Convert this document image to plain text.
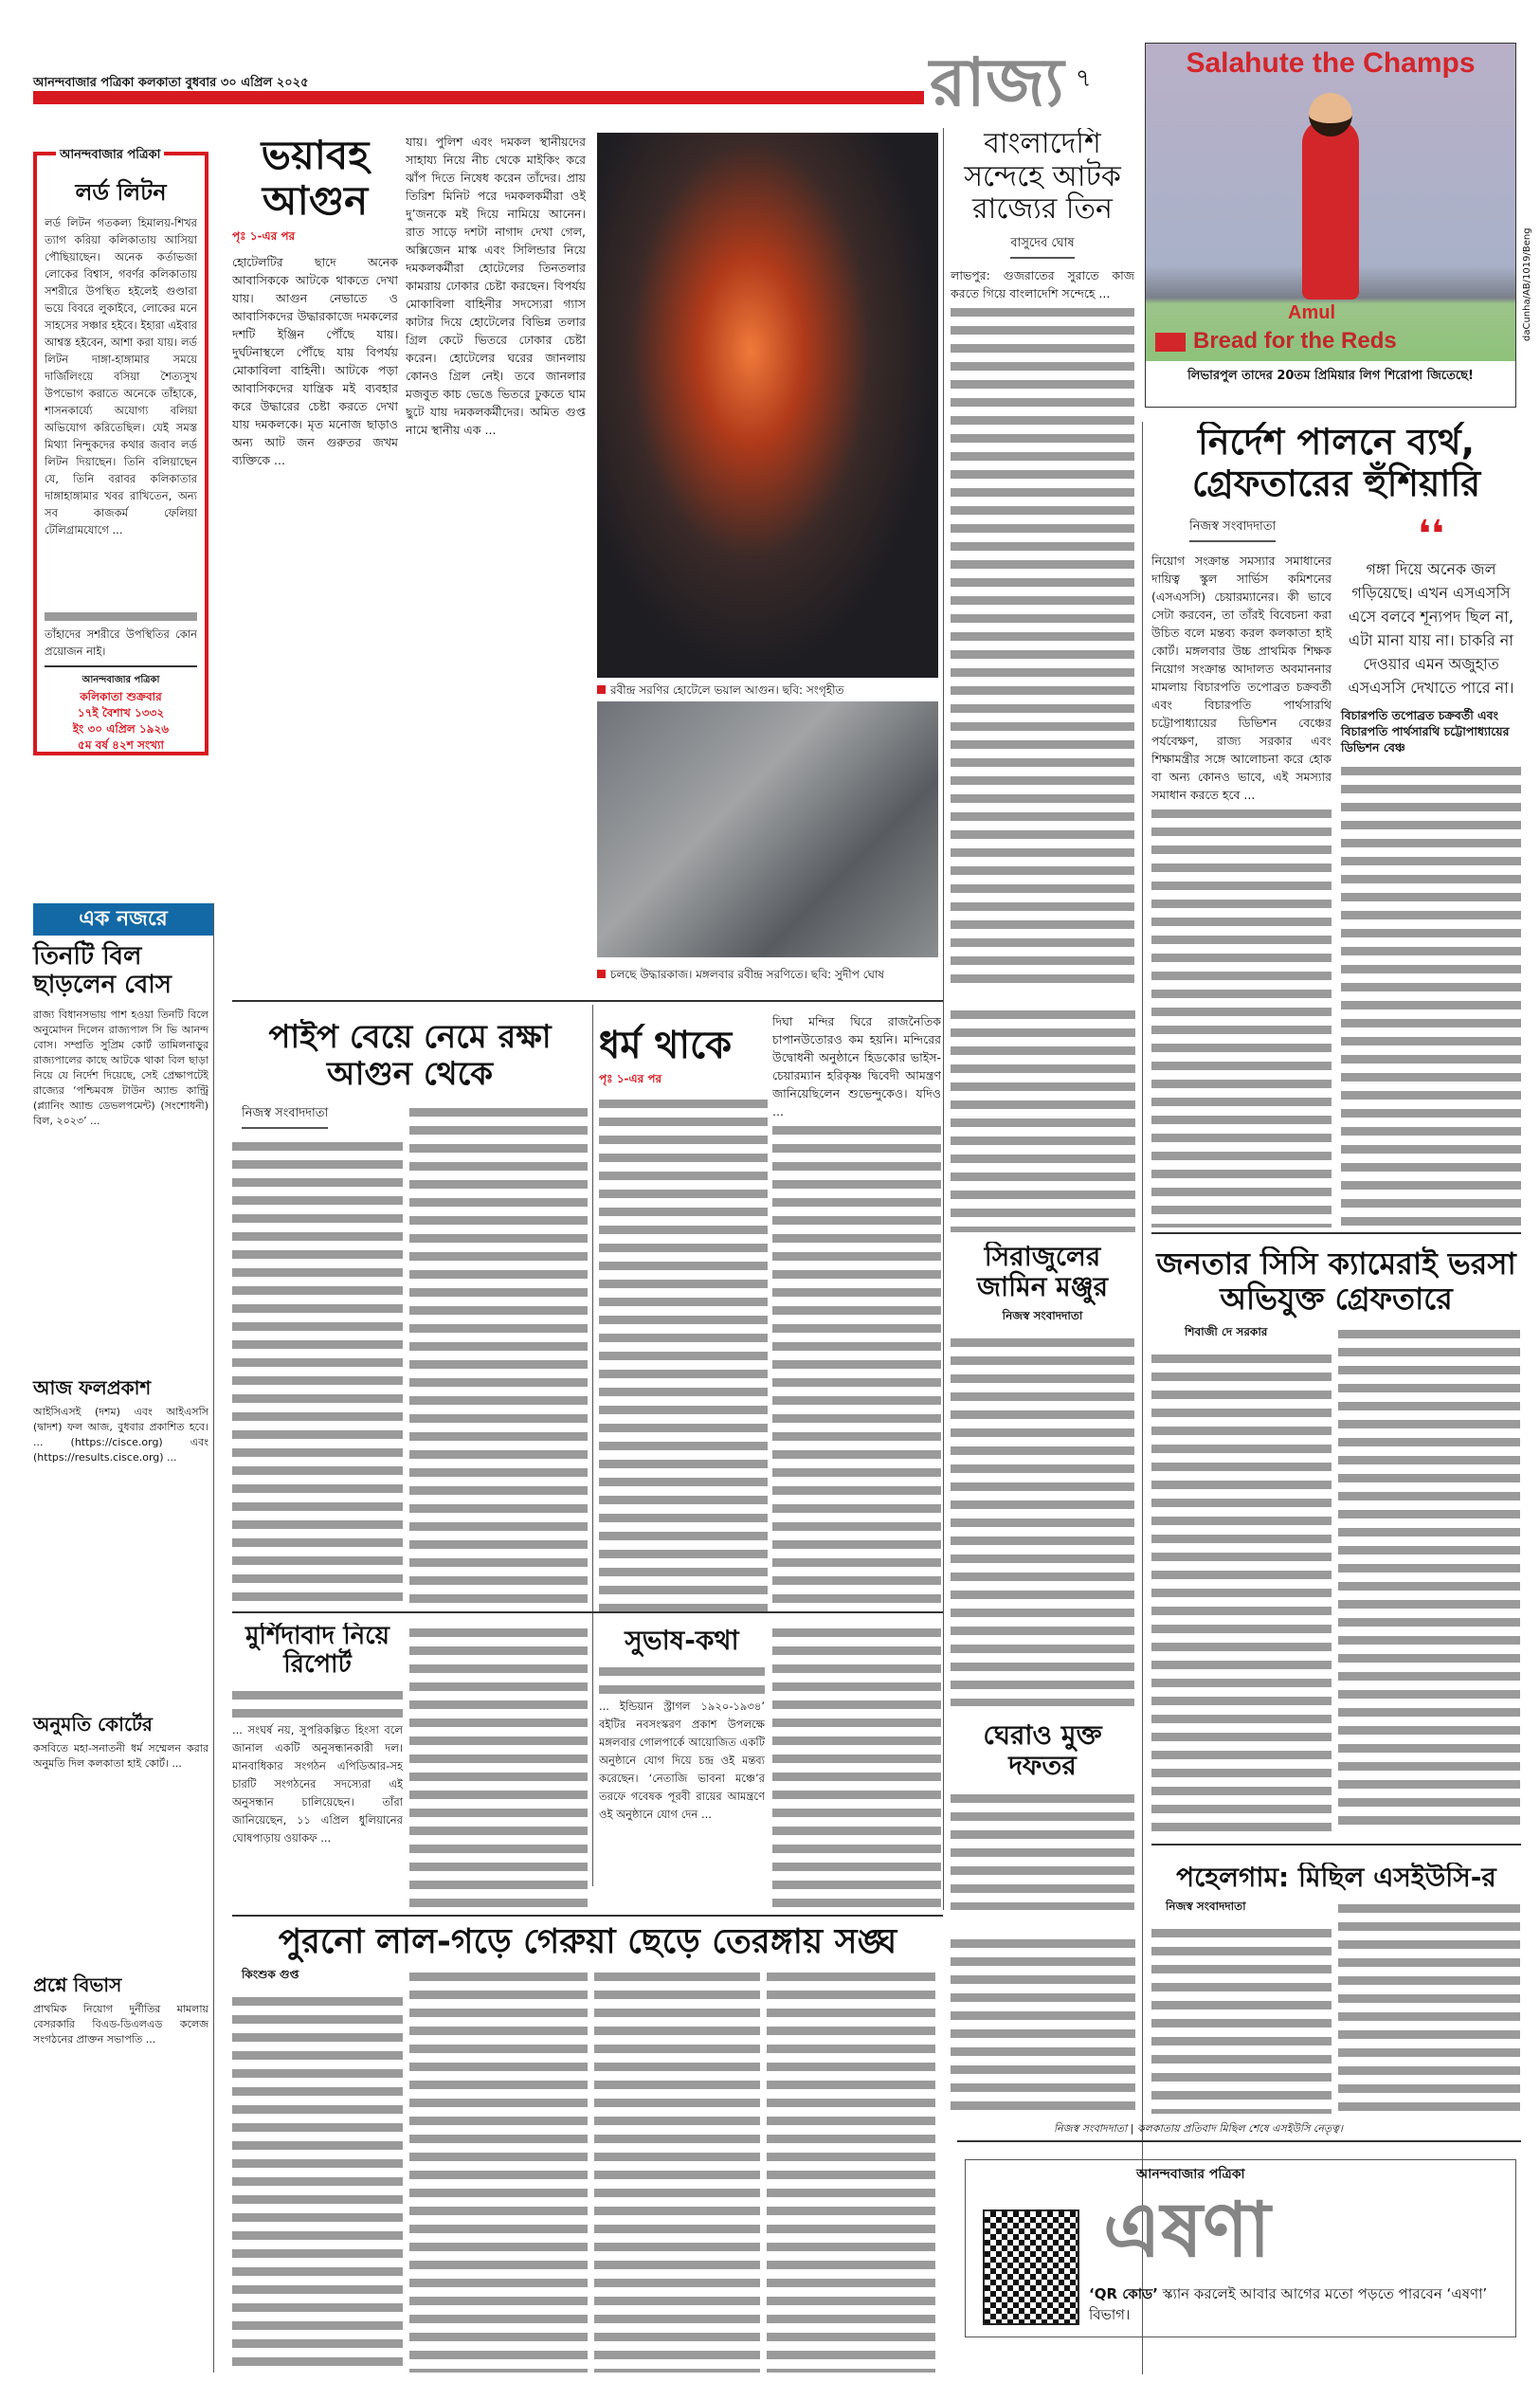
আনন্দবাজার পত্রিকা কলকাতা বুধবার ৩০ এপ্রিল ২০২৫	রাজ্য ৭	Salahute the Champs
Amul
Bread for the Reds
লিভারপুল তাদের 20তম প্রিমিয়ার লিগ শিরোপা জিতেছে!
daCunha/AB/1019/Beng
আনন্দবাজার পত্রিকা
লর্ড লিটন
লর্ড লিটন গতকল্য হিমালয়-শিখর ত্যাগ করিয়া কলিকাতায় আসিয়া পৌছিয়াছেন। অনেক কর্তাভজা লোকের বিশ্বাস, গবর্ণর কলিকাতায় সশরীরে উপস্থিত হইলেই গুণ্ডারা ভয়ে বিবরে লুকাইবে, লোকের মনে সাহসের সঞ্চার হইবে। ইহারা এইবার আশ্বস্ত হইবেন, আশা করা যায়। লর্ড লিটন দাঙ্গা-হাঙ্গামার সময়ে দার্জিলিংয়ে বসিয়া শৈত্যসুখ উপভোগ করাতে অনেকে তাঁহাকে, শাসনকার্য্যে অযোগ্য বলিয়া অভিযোগ করিতেছিল। যেই সমস্ত মিথ্যা নিন্দুকদের কথার জবাব লর্ড লিটন দিয়াছেন। তিনি বলিয়াছেন যে, তিনি বরাবর কলিকাতার দাঙ্গাহাঙ্গামার খবর রাখিতেন, অন্য সব কাজকর্ম ফেলিয়া টেলিগ্রামযোগে ...
তাঁহাদের সশরীরে উপস্থিতির কোন প্রয়োজন নাই।
আনন্দবাজার পত্রিকা
কলিকাতা শুক্রবার
১৭ই বৈশাখ ১৩৩২
ইং ৩০ এপ্রিল ১৯২৬
৫ম বর্ষ ৪২শ সংখ্যা
এক নজরে
তিনটি বিল ছাড়লেন বোস
রাজ্য বিধানসভায় পাশ হওয়া তিনটি বিলে অনুমোদন দিলেন রাজ্যপাল সি ভি আনন্দ বোস। সম্প্রতি সুপ্রিম কোর্ট তামিলনাড়ুর রাজ্যপালের কাছে আটকে থাকা বিল ছাড়া নিয়ে যে নির্দেশ দিয়েছে, সেই প্রেক্ষাপটেই রাজ্যের ‘পশ্চিমবঙ্গ টাউন অ্যান্ড কান্ট্রি (প্ল্যানিং অ্যান্ড ডেভলপমেন্ট) (সংশোধনী) বিল, ২০২৩’ ...
আজ ফলপ্রকাশ
আইসিএসই (দশম) এবং আইএসসি (দ্বাদশ) ফল আজ, বুধবার প্রকাশিত হবে। ... (https://cisce.org) এবং (https://results.cisce.org) ...
অনুমতি কোর্টের
কসবিতে মহা-সনাতনী ধর্ম সম্মেলন করার অনুমতি দিল কলকাতা হাই কোর্ট। ...
প্রশ্নে বিভাস
প্রাথমিক নিয়োগ দুর্নীতির মামলায় বেসরকারি বিএড-ডিএলএড কলেজ সংগঠনের প্রাক্তন সভাপতি ...
ভয়াবহ আগুন
পৃঃ ১-এর পর
হোটেলটির ছাদে অনেক আবাসিককে আটকে থাকতে দেখা যায়। আগুন নেভাতে ও আবাসিকদের উদ্ধারকাজে দমকলের দশটি ইঞ্জিন পৌঁছে যায়। দুর্ঘটনাস্থলে পৌঁছে যায় বিপর্যয় মোকাবিলা বাহিনী। আটকে পড়া আবাসিকদের যান্ত্রিক মই ব্যবহার করে উদ্ধারের চেষ্টা করতে দেখা যায় দমকলকে। মৃত মনোজ ছাড়াও অন্য আট জন গুরুতর জখম ব্যক্তিকে ...
যায়। পুলিশ এবং দমকল স্থানীয়দের সাহায্য নিয়ে নীচ থেকে মাইকিং করে ঝাঁপ দিতে নিষেধ করেন তাঁদের। প্রায় তিরিশ মিনিট পরে দমকলকর্মীরা ওই দু’জনকে মই দিয়ে নামিয়ে আনেন। রাত সাড়ে দশটা নাগাদ দেখা গেল, অক্সিজেন মাস্ক এবং সিলিন্ডার নিয়ে দমকলকর্মীরা হোটেলের তিনতলার কামরায় ঢোকার চেষ্টা করছেন। বিপর্যয় মোকাবিলা বাহিনীর সদস্যেরা গ্যাস কাটার দিয়ে হোটেলের বিভিন্ন তলার গ্রিল কেটে ভিতরে ঢোকার চেষ্টা করেন। হোটেলের ঘরের জানলায় কোনও গ্রিল নেই। তবে জানলার মজবুত কাচ ভেঙে ভিতরে ঢুকতে ঘাম ছুটে যায় দমকলকর্মীদের। অমিত গুপ্ত নামে স্থানীয় এক ...
রবীন্দ্র সরণির হোটেলে ভয়াল আগুন। ছবি: সংগৃহীত
চলছে উদ্ধারকাজ। মঙ্গলবার রবীন্দ্র সরণিতে। ছবি: সুদীপ ঘোষ
বাংলাদেশি সন্দেহে আটক রাজ্যের তিন
বাসুদেব ঘোষ
লাভপুর: গুজরাতের সুরাতে কাজ করতে গিয়ে বাংলাদেশি সন্দেহে ...
নির্দেশ পালনে ব্যর্থ, গ্রেফতারের হুঁশিয়ারি
নিজস্ব সংবাদদাতা
নিয়োগ সংক্রান্ত সমস্যার সমাধানের দায়িত্ব স্কুল সার্ভিস কমিশনের (এসএসসি) চেয়ারম্যানের। কী ভাবে সেটা করবেন, তা তাঁরই বিবেচনা করা উচিত বলে মন্তব্য করল কলকাতা হাই কোর্ট। মঙ্গলবার উচ্চ প্রাথমিক শিক্ষক নিয়োগ সংক্রান্ত আদালত অবমাননার মামলায় বিচারপতি তপোব্রত চক্রবর্তী এবং বিচারপতি পার্থসারথি চট্টোপাধ্যায়ের ডিভিশন বেঞ্চের পর্যবেক্ষণ, রাজ্য সরকার এবং শিক্ষামন্ত্রীর সঙ্গে আলোচনা করে হোক বা অন্য কোনও ভাবে, এই সমস্যার সমাধান করতে হবে ...
❛❛
গঙ্গা দিয়ে অনেক জল গড়িয়েছে। এখন এসএসসি এসে বলবে শূন্যপদ ছিল না, এটা মানা যায় না। চাকরি না দেওয়ার এমন অজুহাত এসএসসি দেখাতে পারে না।
বিচারপতি তপোব্রত চক্রবর্তী এবং বিচারপতি পার্থসারথি চট্টোপাধ্যায়ের ডিভিশন বেঞ্চ
পাইপ বেয়ে নেমে রক্ষা আগুন থেকে
নিজস্ব সংবাদদাতা
ধর্ম থাকে
পৃঃ ১-এর পর
দিঘা মন্দির ঘিরে রাজনৈতিক চাপানউতোরও কম হয়নি। মন্দিরের উদ্বোধনী অনুষ্ঠানে হিডকোর ভাইস-চেয়ারম্যান হরিকৃষ্ণ দ্বিবেদী আমন্ত্রণ জানিয়েছিলেন শুভেন্দুকেও। যদিও ...
সিরাজুলের জামিন মঞ্জুর
নিজস্ব সংবাদদাতা
জনতার সিসি ক্যামেরাই ভরসা অভিযুক্ত গ্রেফতারে
শিবাজী দে সরকার
মুর্শিদাবাদ নিয়ে রিপোর্ট
... সংঘর্ষ নয়, সুপরিকল্পিত হিংসা বলে জানাল একটি অনুসন্ধানকারী দল। মানবাধিকার সংগঠন এপিডিআর-সহ চারটি সংগঠনের সদস্যেরা এই অনুসন্ধান চালিয়েছেন। তাঁরা জানিয়েছেন, ১১ এপ্রিল ধুলিয়ানের ঘোষপাড়ায় ওয়াকফ ...
সুভাষ-কথা
... ইন্ডিয়ান স্ট্রাগল ১৯২০-১৯৩৪’ বইটির নবসংস্করণ প্রকাশ উপলক্ষে মঙ্গলবার গোলপার্কে আয়োজিত একটি অনুষ্ঠানে যোগ দিয়ে চন্দ্র ওই মন্তব্য করেছেন। ‘নেতাজি ভাবনা মঞ্চে’র তরফে গবেষক পূরবী রায়ের আমন্ত্রণে ওই অনুষ্ঠানে যোগ দেন ...
ঘেরাও মুক্ত দফতর
পুরনো লাল-গড়ে গেরুয়া ছেড়ে তেরঙ্গায় সঙ্ঘ
কিংশুক গুপ্ত
পহেলগাম: মিছিল এসইউসি-র
নিজস্ব সংবাদদাতা
নিজস্ব সংবাদদাতা | কলকাতায় প্রতিবাদ মিছিল শেষে এসইউসি নেতৃত্ব।
আনন্দবাজার পত্রিকা
এষণা
‘QR কোড’ স্ক্যান করলেই আবার আগের মতো পড়তে পারবেন ‘এষণা’ বিভাগ।
